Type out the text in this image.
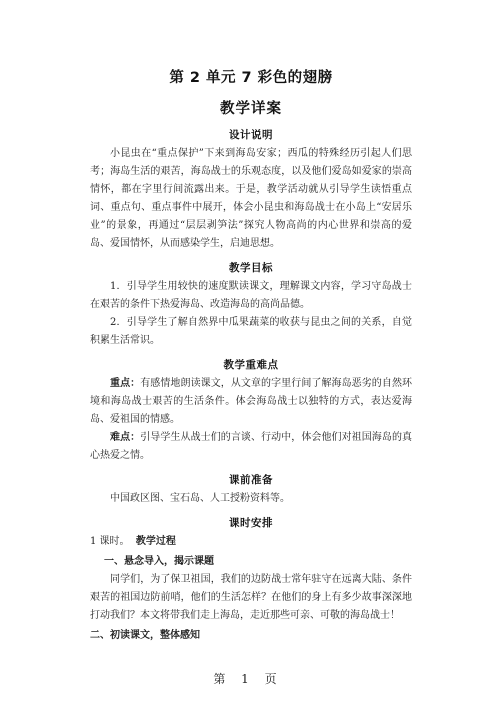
第 2 单元 7 彩色的翅膀
教学详案
设计说明

小昆虫在“重点保护”下来到海岛安家；西瓜的特殊经历引起人们思考；海岛生活的艰苦，海岛战士的乐观态度，以及他们爱岛如爱家的崇高情怀，都在字里行间流露出来。于是，教学活动就从引导学生读悟重点词、重点句、重点事件中展开，体会小昆虫和海岛战士在小岛上“安居乐业”的景象，再通过“层层剥笋法”探究人物高尚的内心世界和崇高的爱岛、爱国情怀，从而感染学生，启迪思想。

教学目标

1．引导学生用较快的速度默读课文，理解课文内容，学习守岛战士在艰苦的条件下热爱海岛、改造海岛的高尚品德。

2．引导学生了解自然界中瓜果蔬菜的收获与昆虫之间的关系，自觉积累生活常识。

教学重难点

重点：有感情地朗读课文，从文章的字里行间了解海岛恶劣的自然环境和海岛战士艰苦的生活条件。体会海岛战士以独特的方式，表达爱海岛、爱祖国的情感。

难点：引导学生从战士们的言谈、行动中，体会他们对祖国海岛的真心热爱之情。

课前准备

中国政区图、宝石岛、人工授粉资料等。

课时安排

1 课时。 教学过程

一、悬念导入，揭示课题

同学们，为了保卫祖国，我们的边防战士常年驻守在远离大陆、条件艰苦的祖国边防前哨，他们的生活怎样？在他们的身上有多少故事深深地打动我们？本文将带我们走上海岛，走近那些可亲、可敬的海岛战士！

二、初读课文，整体感知

第 1 页
